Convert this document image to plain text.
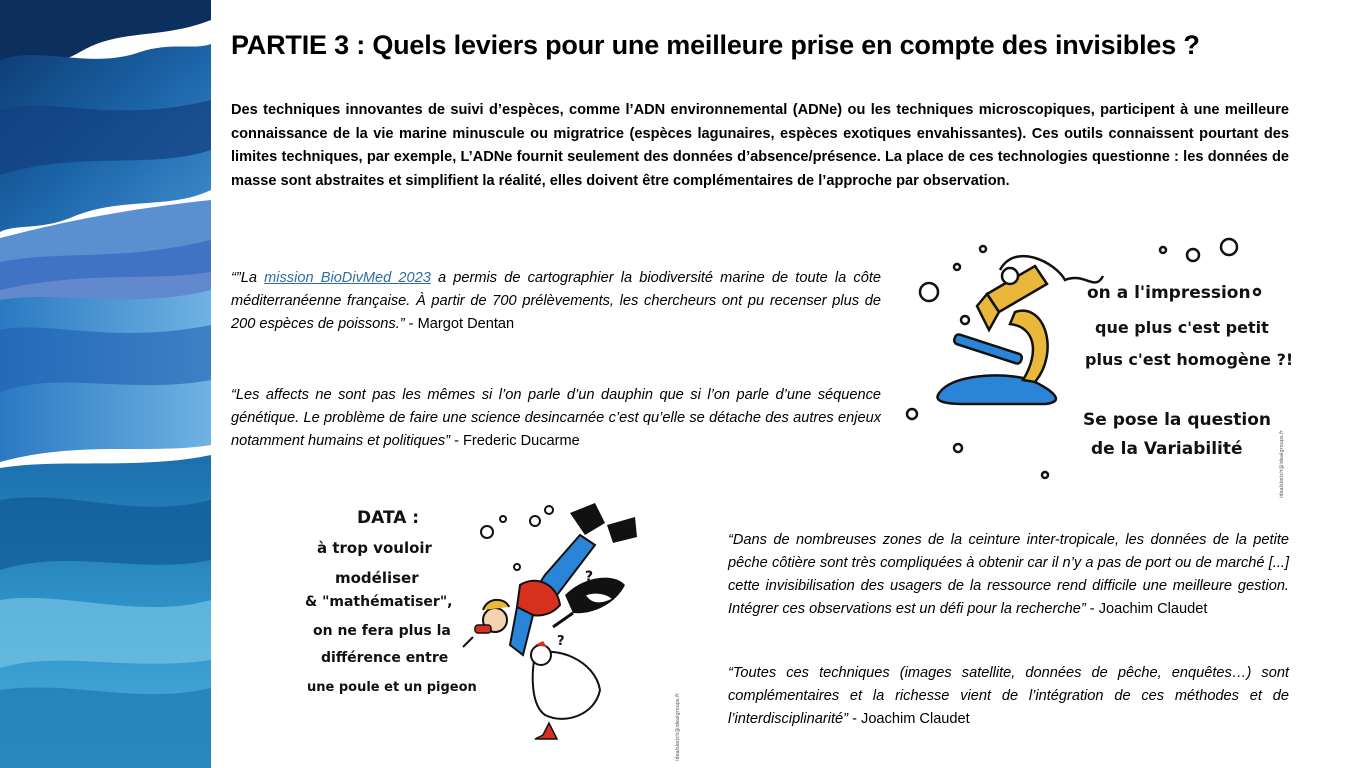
PARTIE 3 : Quels leviers pour une meilleure prise en compte des invisibles ?
Des techniques innovantes de suivi d’espèces, comme l’ADN environnemental (ADNe) ou les techniques microscopiques, participent à une meilleure connaissance de la vie marine minuscule ou migratrice (espèces lagunaires, espèces exotiques envahissantes). Ces outils connaissent pourtant des limites techniques, par exemple, L’ADNe fournit seulement des données d’absence/présence. La place de ces technologies questionne : les données de masse sont abstraites et simplifient la réalité, elles doivent être complémentaires de l’approche par observation.
“”La mission BioDivMed 2023 a permis de cartographier la biodiversité marine de toute la côte méditerranéenne française. À partir de 700 prélèvements, les chercheurs ont pu recenser plus de 200 espèces de poissons.” - Margot Dentan
“Les affects ne sont pas les mêmes si l’on parle d’un dauphin que si l’on parle d’une séquence génétique. Le problème de faire une science desincarnée c’est qu’elle se détache des autres enjeux notamment humains et politiques” - Frederic Ducarme
“Dans de nombreuses zones de la ceinture inter-tropicale, les données de la petite pêche côtière sont très compliquées à obtenir car il n’y a pas de port ou de marché [...] cette invisibilisation des usagers de la ressource rend difficile une meilleure gestion. Intégrer ces observations est un défi pour la recherche” - Joachim Claudet
“Toutes ces techniques (images satellite, données de pêche, enquêtes…) sont complémentaires et la richesse vient de l’intégration de ces méthodes et de l’interdisciplinarité” - Joachim Claudet
on a l'impression
que plus c'est petit
plus c'est homogène ?!
Se pose la question
de la Variabilité	idealsketch@idealgroups.fr
DATA :
à trop vouloir
modéliser
& "mathématiser",
on ne fera plus la
différence entre
une poule et un pigeon
?
?
idealsketch@idealgroups.fr
